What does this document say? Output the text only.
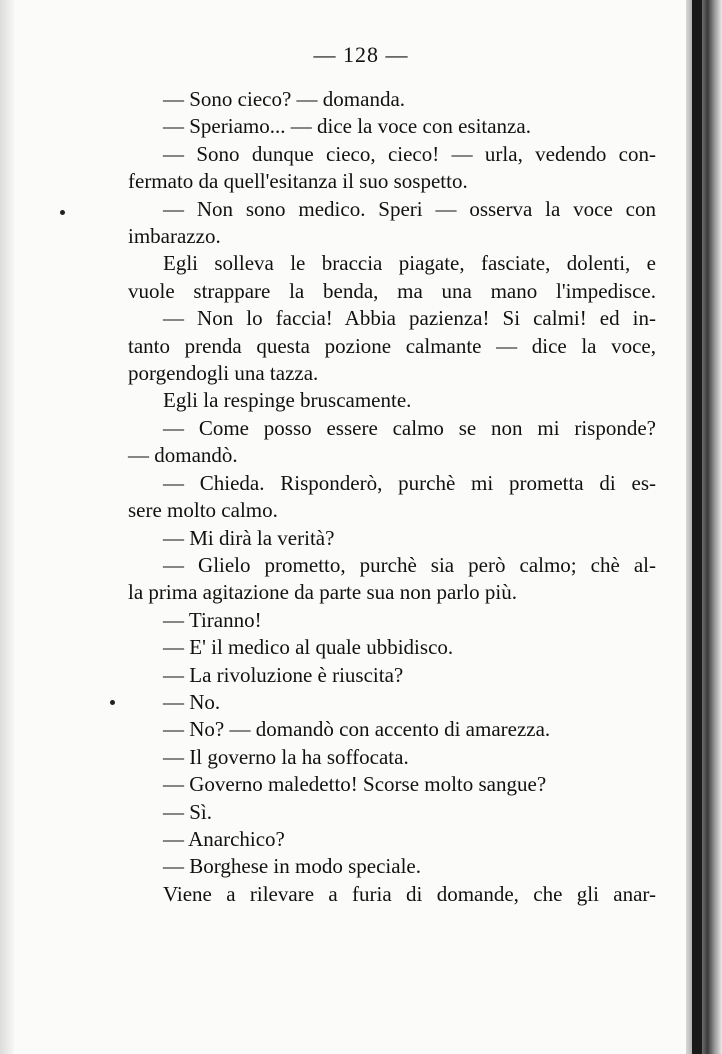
— 128 —
— Sono cieco? — domanda.
— Speriamo... — dice la voce con esitanza.
— Sono dunque cieco, cieco! — urla, vedendo con-
fermato da quell'esitanza il suo sospetto.
— Non sono medico. Speri — osserva la voce con
imbarazzo.
Egli solleva le braccia piagate, fasciate, dolenti, e
vuole strappare la benda, ma una mano l'impedisce.
— Non lo faccia! Abbia pazienza! Si calmi! ed in-
tanto prenda questa pozione calmante — dice la voce,
porgendogli una tazza.
Egli la respinge bruscamente.
— Come posso essere calmo se non mi risponde?
— domandò.
— Chieda. Risponderò, purchè mi prometta di es-
sere molto calmo.
— Mi dirà la verità?
— Glielo prometto, purchè sia però calmo; chè al-
la prima agitazione da parte sua non parlo più.
— Tiranno!
— E' il medico al quale ubbidisco.
— La rivoluzione è riuscita?
— No.
— No? — domandò con accento di amarezza.
— Il governo la ha soffocata.
— Governo maledetto! Scorse molto sangue?
— Sì.
— Anarchico?
— Borghese in modo speciale.
Viene a rilevare a furia di domande, che gli anar-
